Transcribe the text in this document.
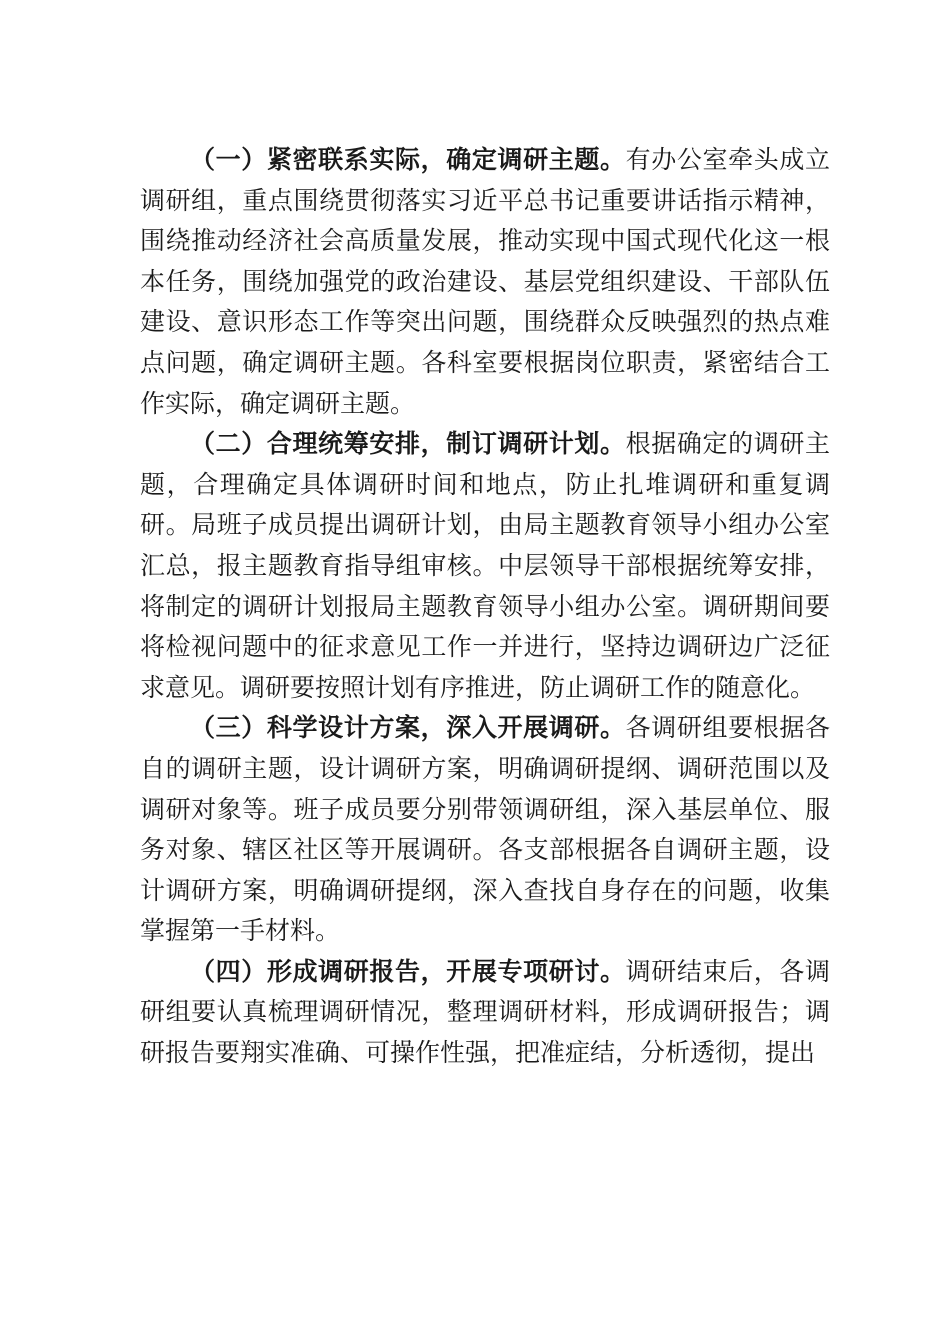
（一）紧密联系实际，确定调研主题。有办公室牵头成立调研组，重点围绕贯彻落实习近平总书记重要讲话指示精神，围绕推动经济社会高质量发展，推动实现中国式现代化这一根本任务，围绕加强党的政治建设、基层党组织建设、干部队伍建设、意识形态工作等突出问题，围绕群众反映强烈的热点难点问题，确定调研主题。各科室要根据岗位职责，紧密结合工作实际，确定调研主题。

（二）合理统筹安排，制订调研计划。根据确定的调研主题，合理确定具体调研时间和地点，防止扎堆调研和重复调研。局班子成员提出调研计划，由局主题教育领导小组办公室汇总，报主题教育指导组审核。中层领导干部根据统筹安排，将制定的调研计划报局主题教育领导小组办公室。调研期间要将检视问题中的征求意见工作一并进行，坚持边调研边广泛征求意见。调研要按照计划有序推进，防止调研工作的随意化。

（三）科学设计方案，深入开展调研。各调研组要根据各自的调研主题，设计调研方案，明确调研提纲、调研范围以及调研对象等。班子成员要分别带领调研组，深入基层单位、服务对象、辖区社区等开展调研。各支部根据各自调研主题，设计调研方案，明确调研提纲，深入查找自身存在的问题，收集掌握第一手材料。

（四）形成调研报告，开展专项研讨。调研结束后，各调研组要认真梳理调研情况，整理调研材料，形成调研报告；调研报告要翔实准确、可操作性强，把准症结，分析透彻，提出
